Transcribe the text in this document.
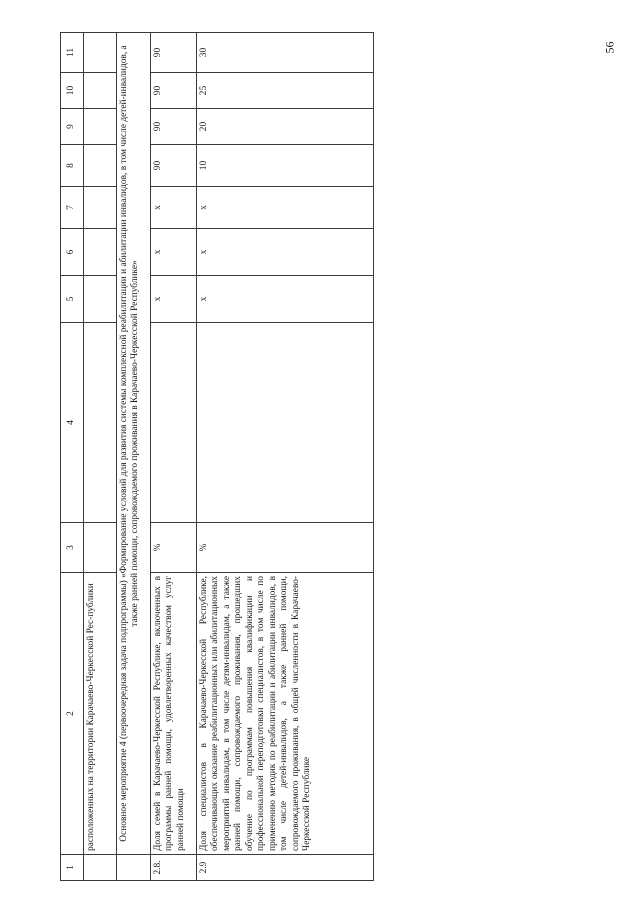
56
1	2	3	4	5	6	7	8	9	10	11
	расположенных на территории Карачаево-Черкесской Рес-публики									
	Основное мероприятие 4 (первоочередная задача подпрограммы) «Формирование условий для развития системы комплексной реабилитации и абилитации инвалидов, в том числе детей-инвалидов, а также ранней помощи, сопровождаемого проживания в Карачаево-Черкесской Республике»									
2.8.	Доля семей в Карачаево-Черкесской Республике, включенных в программы ранней помощи, удовлетворенных качеством услуг ранней помощи	%		x	x	x	90	90	90	90
2.9	Доля специалистов в Карачаево-Черкесской Республике, обеспечивающих оказание реабилитационных или абилитационных мероприятий инвалидам, в том числе детям-инвалидам, а также ранней помощи, сопровождаемого проживания, прошедших обучение по программам повышения квалификации и профессиональной переподготовки специалистов, в том числе по применению методик по реабилитации и абилитации инвалидов, в том числе детей-инвалидов, а также ранней помощи, сопровождаемого проживания, в общей численности в Карачаево-Черкесской Республике	%		x	x	x	10	20	25	30
